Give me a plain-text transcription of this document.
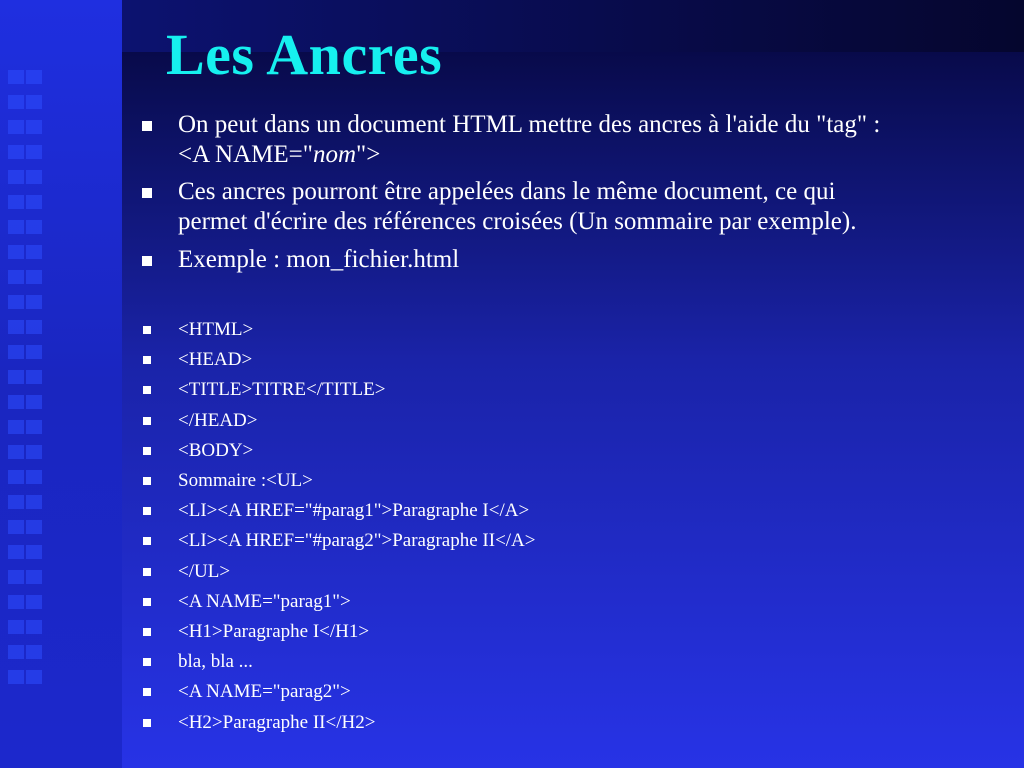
Les Ancres
On peut dans un document HTML mettre des ancres à l'aide du "tag" :
<A NAME="nom">
Ces ancres pourront être appelées dans le même document, ce qui
permet d'écrire des références croisées (Un sommaire par exemple).
Exemple : mon_fichier.html
<HTML>
<HEAD>
<TITLE>TITRE</TITLE>
</HEAD>
<BODY>
Sommaire :<UL>
<LI><A HREF="#parag1">Paragraphe I</A>
<LI><A HREF="#parag2">Paragraphe II</A>
</UL>
<A NAME="parag1">
<H1>Paragraphe I</H1>
bla, bla ...
<A NAME="parag2">
<H2>Paragraphe II</H2>
